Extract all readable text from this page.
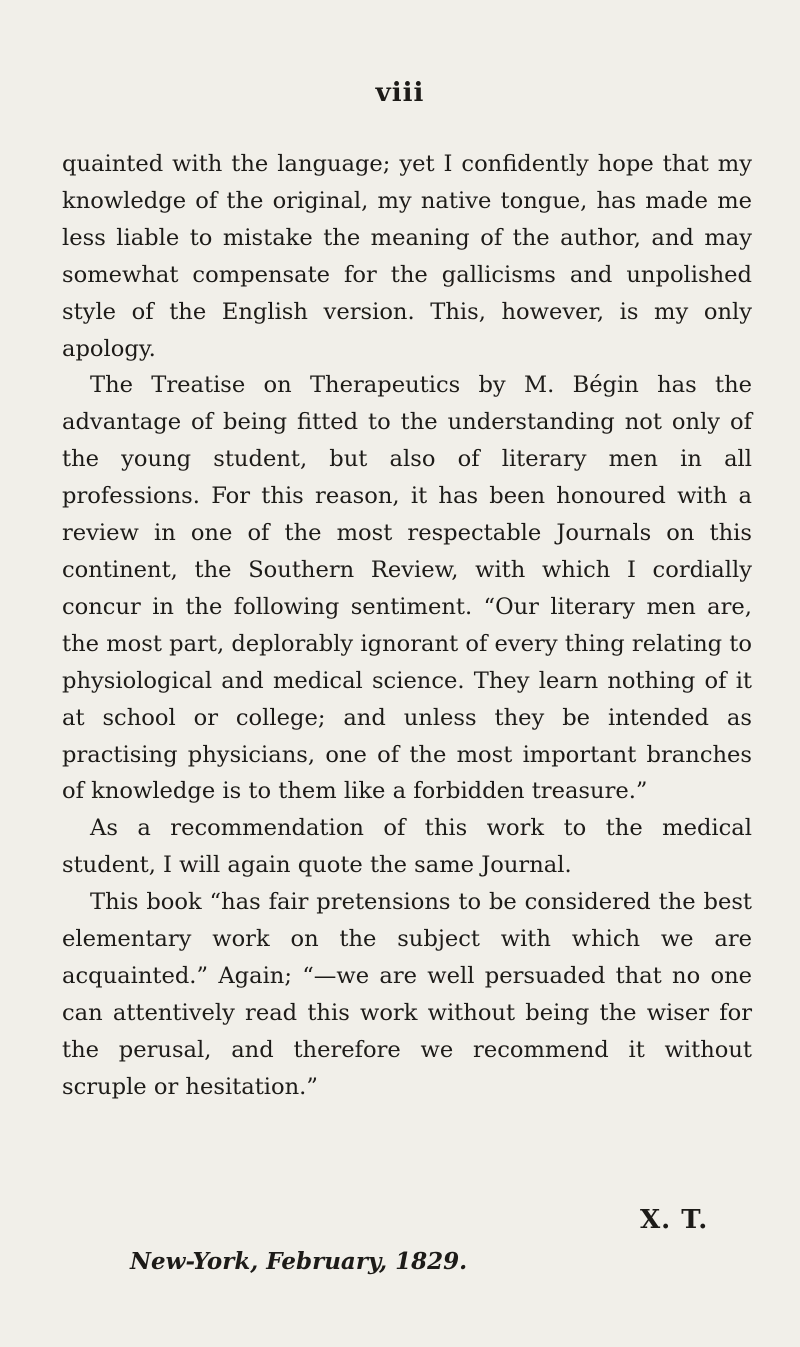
viii

quainted with the language; yet I confidently hope that my knowledge of the original, my native tongue, has made me less liable to mistake the meaning of the author, and may somewhat compensate for the gallicisms and unpolished style of the English version. This, however, is my only apology.

The Treatise on Therapeutics by M. Bégin has the advantage of being fitted to the understanding not only of the young student, but also of literary men in all professions. For this reason, it has been honoured with a review in one of the most respectable Journals on this continent, the Southern Review, with which I cordially concur in the following sentiment. “Our literary men are, the most part, deplorably ignorant of every thing relating to physiological and medical science. They learn nothing of it at school or college; and unless they be intended as practising physicians, one of the most important branches of knowledge is to them like a forbidden treasure.”

As a recommendation of this work to the medical student, I will again quote the same Journal.

This book “has fair pretensions to be considered the best elementary work on the subject with which we are acquainted.” Again; “—we are well persuaded that no one can attentively read this work without being the wiser for the perusal, and therefore we recommend it without scruple or hesitation.”

X. T.
New-York, February, 1829.
